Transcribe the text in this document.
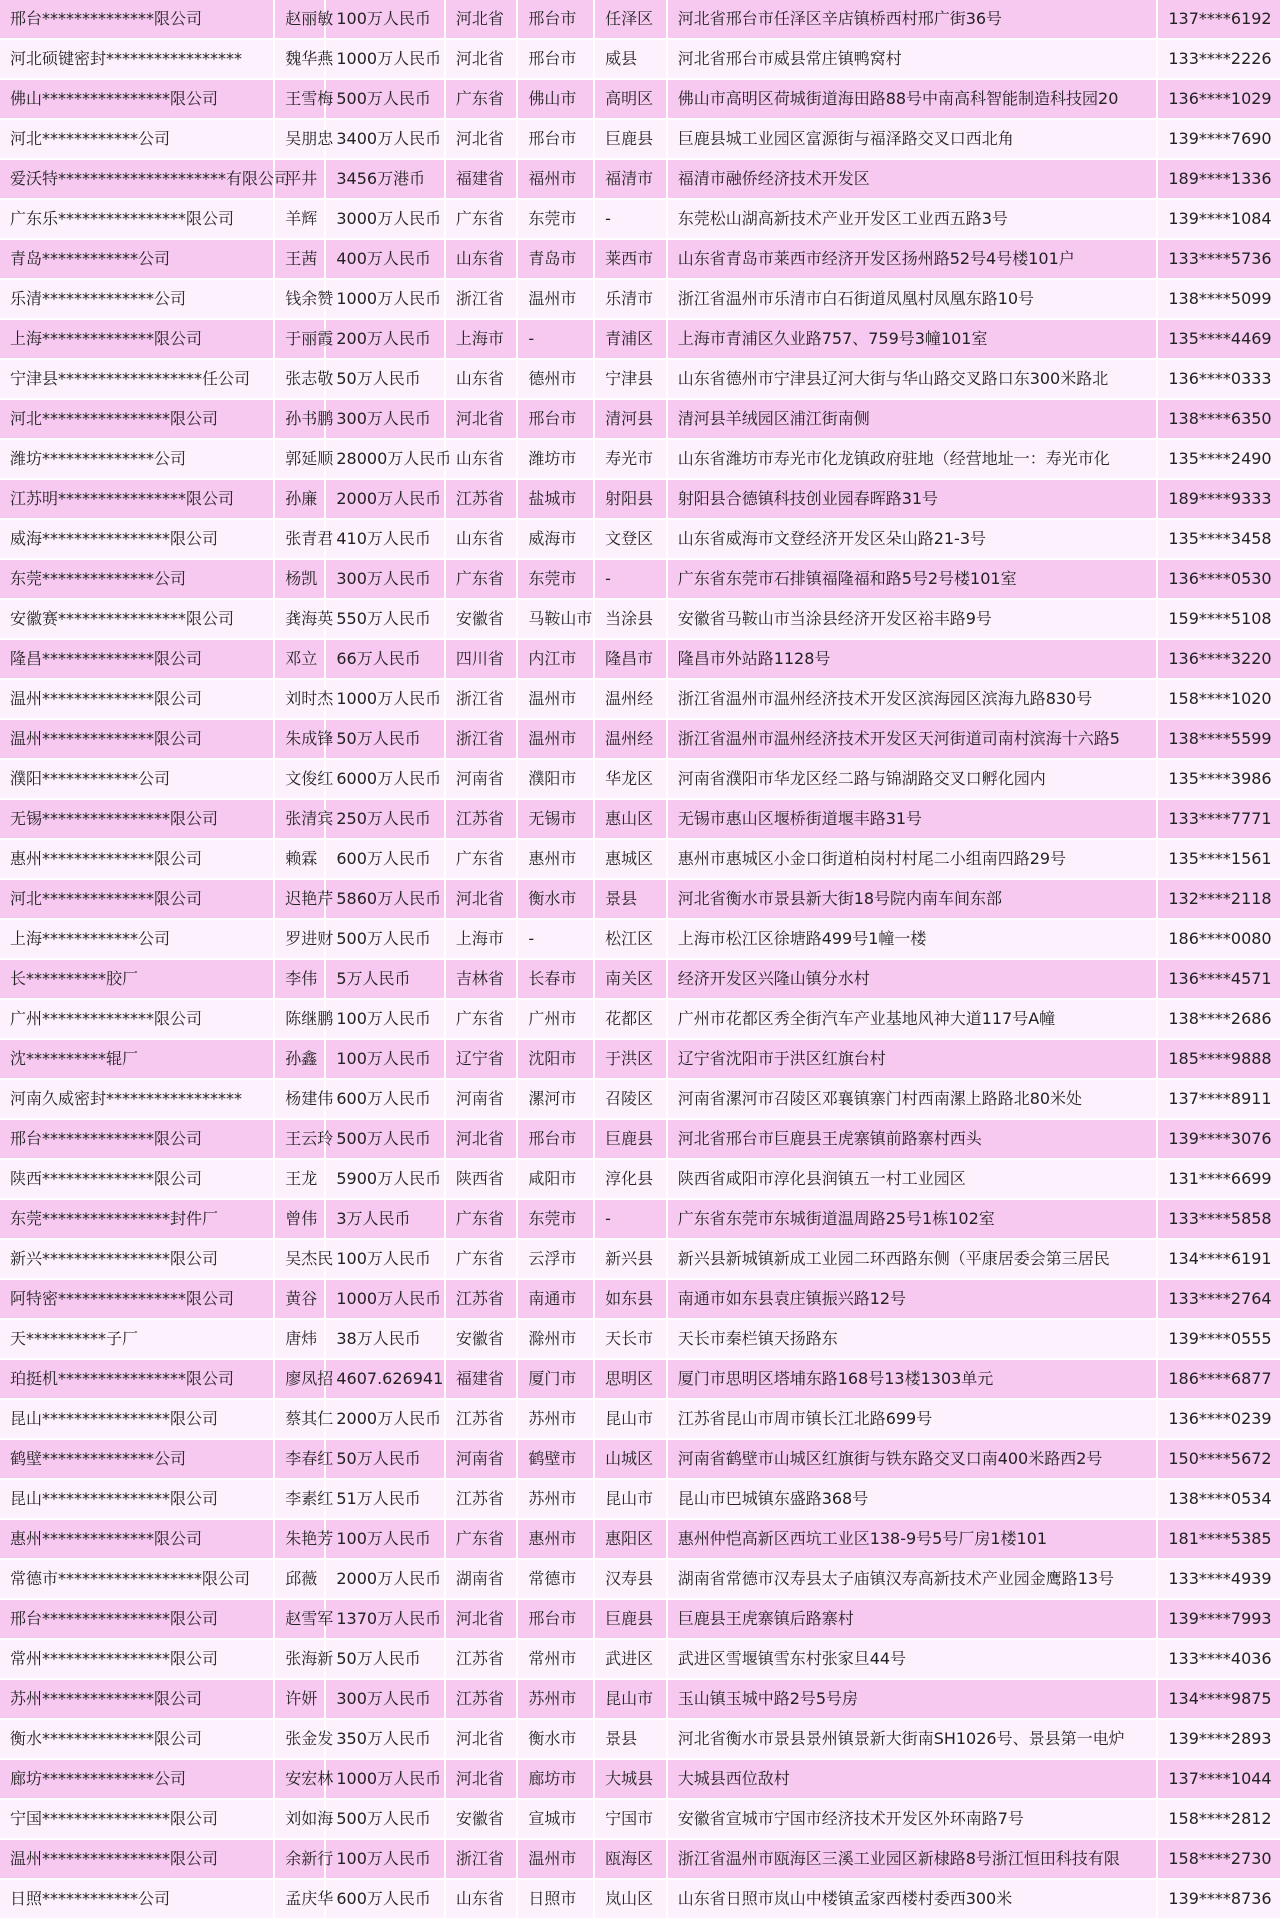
邢台**************限公司	赵丽敏	100万人民币	河北省	邢台市	任泽区	河北省邢台市任泽区辛店镇桥西村邢广街36号	137****6192
河北硕键密封*****************	魏华燕	1000万人民币	河北省	邢台市	威县	河北省邢台市威县常庄镇鸭窝村	133****2226
佛山****************限公司	王雪梅	500万人民币	广东省	佛山市	高明区	佛山市高明区荷城街道海田路88号中南高科智能制造科技园20	136****1029
河北************公司	吴朋忠	3400万人民币	河北省	邢台市	巨鹿县	巨鹿县城工业园区富源街与福泽路交叉口西北角	139****7690
爱沃特*********************有限公司	平井	3456万港币	福建省	福州市	福清市	福清市融侨经济技术开发区	189****1336
广东乐****************限公司	羊辉	3000万人民币	广东省	东莞市	-	东莞松山湖高新技术产业开发区工业西五路3号	139****1084
青岛************公司	王茜	400万人民币	山东省	青岛市	莱西市	山东省青岛市莱西市经济开发区扬州路52号4号楼101户	133****5736
乐清**************公司	钱余赞	1000万人民币	浙江省	温州市	乐清市	浙江省温州市乐清市白石街道凤凰村凤凰东路10号	138****5099
上海**************限公司	于丽霞	200万人民币	上海市	-	青浦区	上海市青浦区久业路757、759号3幢101室	135****4469
宁津县******************任公司	张志敬	50万人民币	山东省	德州市	宁津县	山东省德州市宁津县辽河大街与华山路交叉路口东300米路北	136****0333
河北****************限公司	孙书鹏	300万人民币	河北省	邢台市	清河县	清河县羊绒园区浦江街南侧	138****6350
潍坊**************公司	郭延顺	28000万人民币	山东省	潍坊市	寿光市	山东省潍坊市寿光市化龙镇政府驻地（经营地址一：寿光市化	135****2490
江苏明****************限公司	孙廉	2000万人民币	江苏省	盐城市	射阳县	射阳县合德镇科技创业园春晖路31号	189****9333
威海****************限公司	张青君	410万人民币	山东省	威海市	文登区	山东省威海市文登经济开发区朵山路21-3号	135****3458
东莞**************公司	杨凯	300万人民币	广东省	东莞市	-	广东省东莞市石排镇福隆福和路5号2号楼101室	136****0530
安徽赛****************限公司	龚海英	550万人民币	安徽省	马鞍山市	当涂县	安徽省马鞍山市当涂县经济开发区裕丰路9号	159****5108
隆昌**************限公司	邓立	66万人民币	四川省	内江市	隆昌市	隆昌市外站路1128号	136****3220
温州**************限公司	刘时杰	1000万人民币	浙江省	温州市	温州经	浙江省温州市温州经济技术开发区滨海园区滨海九路830号	158****1020
温州**************限公司	朱成锋	50万人民币	浙江省	温州市	温州经	浙江省温州市温州经济技术开发区天河街道司南村滨海十六路5	138****5599
濮阳************公司	文俊红	6000万人民币	河南省	濮阳市	华龙区	河南省濮阳市华龙区经二路与锦湖路交叉口孵化园内	135****3986
无锡****************限公司	张清宾	250万人民币	江苏省	无锡市	惠山区	无锡市惠山区堰桥街道堰丰路31号	133****7771
惠州**************限公司	赖霖	600万人民币	广东省	惠州市	惠城区	惠州市惠城区小金口街道柏岗村村尾二小组南四路29号	135****1561
河北**************限公司	迟艳芹	5860万人民币	河北省	衡水市	景县	河北省衡水市景县新大街18号院内南车间东部	132****2118
上海************公司	罗进财	500万人民币	上海市	-	松江区	上海市松江区徐塘路499号1幢一楼	186****0080
长**********胶厂	李伟	5万人民币	吉林省	长春市	南关区	经济开发区兴隆山镇分水村	136****4571
广州**************限公司	陈继鹏	100万人民币	广东省	广州市	花都区	广州市花都区秀全街汽车产业基地风神大道117号A幢	138****2686
沈**********辊厂	孙鑫	100万人民币	辽宁省	沈阳市	于洪区	辽宁省沈阳市于洪区红旗台村	185****9888
河南久威密封*****************	杨建伟	600万人民币	河南省	漯河市	召陵区	河南省漯河市召陵区邓襄镇寨门村西南漯上路路北80米处	137****8911
邢台**************限公司	王云玲	500万人民币	河北省	邢台市	巨鹿县	河北省邢台市巨鹿县王虎寨镇前路寨村西头	139****3076
陕西**************限公司	王龙	5900万人民币	陕西省	咸阳市	淳化县	陕西省咸阳市淳化县润镇五一村工业园区	131****6699
东莞****************封件厂	曾伟	3万人民币	广东省	东莞市	-	广东省东莞市东城街道温周路25号1栋102室	133****5858
新兴****************限公司	吴杰民	100万人民币	广东省	云浮市	新兴县	新兴县新城镇新成工业园二环西路东侧（平康居委会第三居民	134****6191
阿特密****************限公司	黄谷	1000万人民币	江苏省	南通市	如东县	南通市如东县袁庄镇振兴路12号	133****2764
天**********子厂	唐炜	38万人民币	安徽省	滁州市	天长市	天长市秦栏镇天扬路东	139****0555
珀挺机****************限公司	廖凤招	4607.626941	福建省	厦门市	思明区	厦门市思明区塔埔东路168号13楼1303单元	186****6877
昆山****************限公司	蔡其仁	2000万人民币	江苏省	苏州市	昆山市	江苏省昆山市周市镇长江北路699号	136****0239
鹤壁**************公司	李春红	50万人民币	河南省	鹤壁市	山城区	河南省鹤壁市山城区红旗街与铁东路交叉口南400米路西2号	150****5672
昆山****************限公司	李素红	51万人民币	江苏省	苏州市	昆山市	昆山市巴城镇东盛路368号	138****0534
惠州**************限公司	朱艳芳	100万人民币	广东省	惠州市	惠阳区	惠州仲恺高新区西坑工业区138-9号5号厂房1楼101	181****5385
常德市******************限公司	邱薇	2000万人民币	湖南省	常德市	汉寿县	湖南省常德市汉寿县太子庙镇汉寿高新技术产业园金鹰路13号	133****4939
邢台****************限公司	赵雪军	1370万人民币	河北省	邢台市	巨鹿县	巨鹿县王虎寨镇后路寨村	139****7993
常州****************限公司	张海新	50万人民币	江苏省	常州市	武进区	武进区雪堰镇雪东村张家旦44号	133****4036
苏州**************限公司	许妍	300万人民币	江苏省	苏州市	昆山市	玉山镇玉城中路2号5号房	134****9875
衡水**************限公司	张金发	350万人民币	河北省	衡水市	景县	河北省衡水市景县景州镇景新大街南SH1026号、景县第一电炉	139****2893
廊坊**************公司	安宏林	1000万人民币	河北省	廊坊市	大城县	大城县西位敌村	137****1044
宁国****************限公司	刘如海	500万人民币	安徽省	宣城市	宁国市	安徽省宣城市宁国市经济技术开发区外环南路7号	158****2812
温州****************限公司	余新行	100万人民币	浙江省	温州市	瓯海区	浙江省温州市瓯海区三溪工业园区新棣路8号浙江恒田科技有限	158****2730
日照************公司	孟庆华	600万人民币	山东省	日照市	岚山区	山东省日照市岚山中楼镇孟家西楼村委西300米	139****8736
